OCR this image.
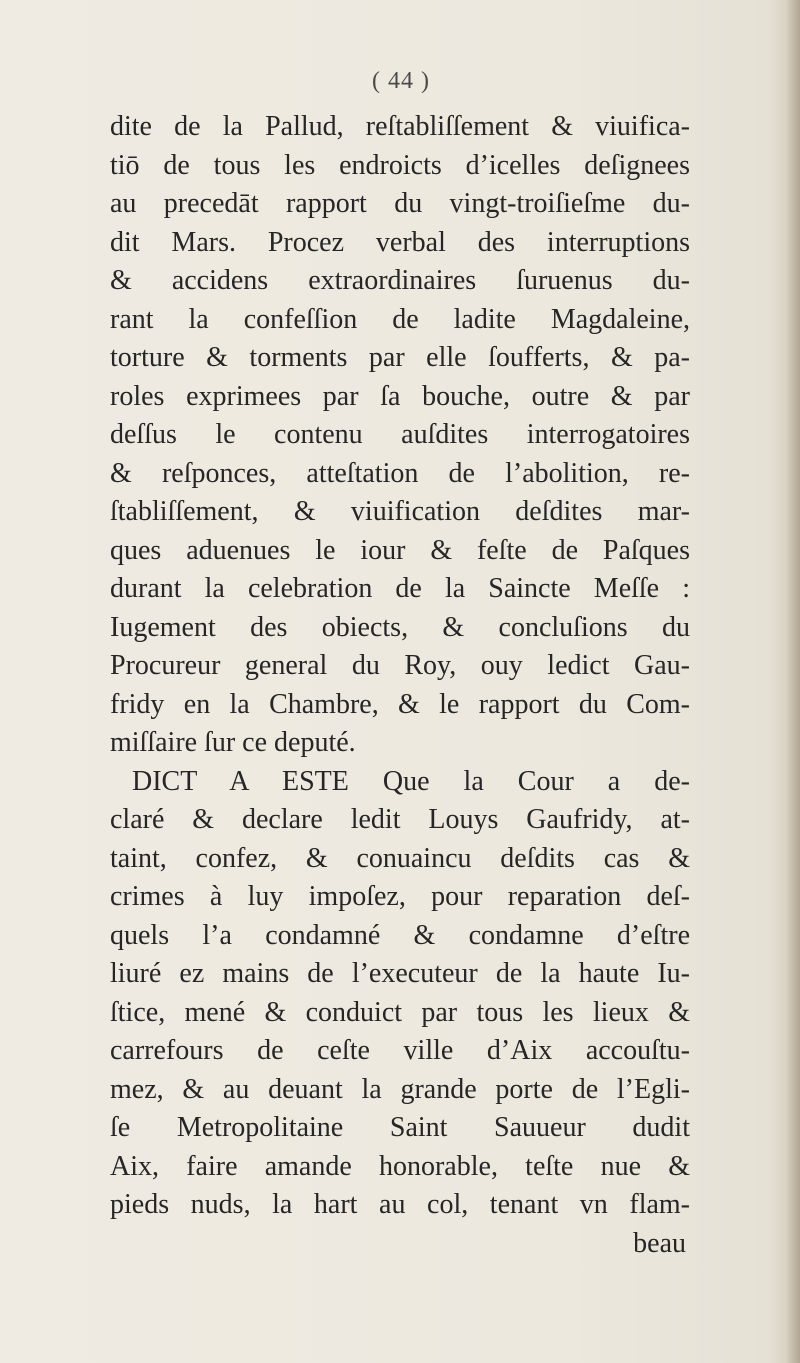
( 44 )
dite de la Pallud, reſtabliſſement & viuifica-
tiō de tous les endroicts d’icelles deſignees
au precedāt rapport du vingt-troiſieſme du-
dit Mars. Procez verbal des interruptions
& accidens extraordinaires ſuruenus du-
rant la confeſſion de ladite Magdaleine,
torture & torments par elle ſoufferts, & pa-
roles exprimees par ſa bouche, outre & par
deſſus le contenu auſdites interrogatoires
& reſponces, atteſtation de l’abolition, re-
ſtabliſſement, & viuification deſdites mar-
ques aduenues le iour & feſte de Paſques
durant la celebration de la Saincte Meſſe :
Iugement des obiects, & concluſions du
Procureur general du Roy, ouy ledict Gau-
fridy en la Chambre, & le rapport du Com-
miſſaire ſur ce deputé.
DICT A ESTE Que la Cour a de-
claré & declare ledit Louys Gaufridy, at-
taint, confez, & conuaincu deſdits cas &
crimes à luy impoſez, pour reparation deſ-
quels l’a condamné & condamne d’eſtre
liuré ez mains de l’executeur de la haute Iu-
ſtice, mené & conduict par tous les lieux &
carrefours de ceſte ville d’Aix accouſtu-
mez, & au deuant la grande porte de l’Egli-
ſe Metropolitaine Saint Sauueur dudit
Aix, faire amande honorable, teſte nue &
pieds nuds, la hart au col, tenant vn flam-
beau
